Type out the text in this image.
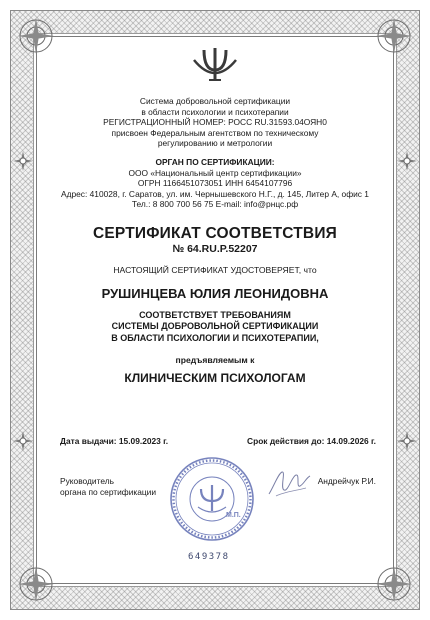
Система добровольной сертификации
в области психологии и психотерапии
РЕГИСТРАЦИОННЫЙ НОМЕР: РОСС RU.31593.04ОЯН0
присвоен Федеральным агентством по техническому
регулированию и метрологии
ОРГАН ПО СЕРТИФИКАЦИИ:
ООО «Национальный центр сертификации»
ОГРН 1166451073051 ИНН 6454107796
Адрес: 410028, г. Саратов, ул. им. Чернышевского Н.Г., д. 145, Литер А, офис 1
Тел.: 8 800 700 56 75 E-mail: info@рнцс.рф
СЕРТИФИКАТ СООТВЕТСТВИЯ
№ 64.RU.P.52207
НАСТОЯЩИЙ СЕРТИФИКАТ УДОСТОВЕРЯЕТ, что
РУШИНЦЕВА ЮЛИЯ ЛЕОНИДОВНА
СООТВЕТСТВУЕТ ТРЕБОВАНИЯМ
СИСТЕМЫ ДОБРОВОЛЬНОЙ СЕРТИФИКАЦИИ
В ОБЛАСТИ ПСИХОЛОГИИ И ПСИХОТЕРАПИИ,
предъявляемым к
КЛИНИЧЕСКИМ ПСИХОЛОГАМ
Дата выдачи: 15.09.2023 г.	Срок действия до: 14.09.2026 г.
Руководитель
органа по сертификации
М.П.
Андрейчук Р.И.
649378
